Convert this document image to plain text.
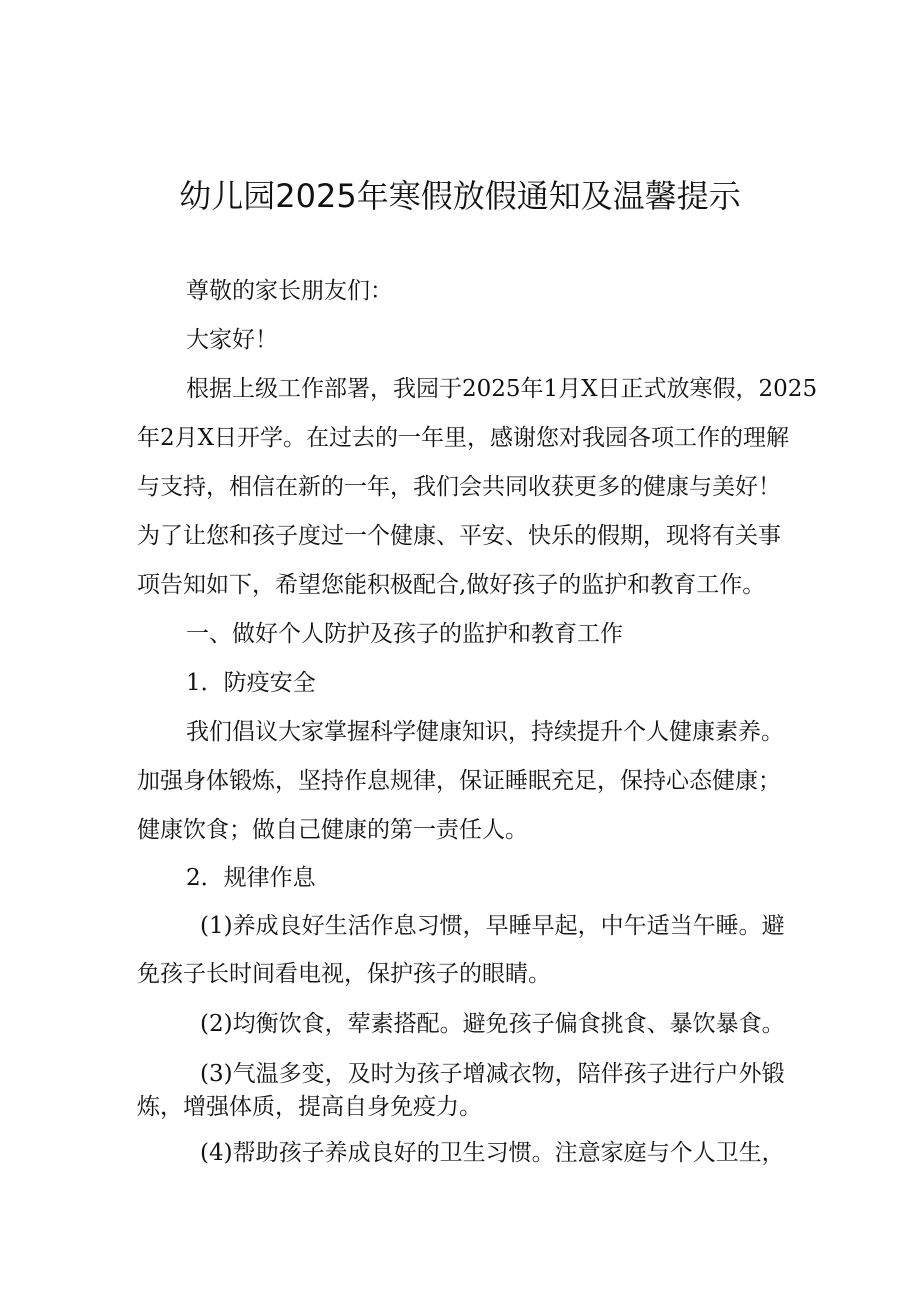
幼儿园2025年寒假放假通知及温馨提示

尊敬的家长朋友们：

大家好！

根据上级工作部署，我园于2025年1月X日正式放寒假，2025

年2月X日开学。在过去的一年里，感谢您对我园各项工作的理解

与支持，相信在新的一年，我们会共同收获更多的健康与美好！

为了让您和孩子度过一个健康、平安、快乐的假期，现将有关事

项告知如下，希望您能积极配合,做好孩子的监护和教育工作。

一、做好个人防护及孩子的监护和教育工作

1．防疫安全

我们倡议大家掌握科学健康知识，持续提升个人健康素养。

加强身体锻炼，坚持作息规律，保证睡眠充足，保持心态健康；

健康饮食；做自己健康的第一责任人。

2．规律作息

(1)养成良好生活作息习惯，早睡早起，中午适当午睡。避

免孩子长时间看电视，保护孩子的眼睛。

(2)均衡饮食，荤素搭配。避免孩子偏食挑食、暴饮暴食。

(3)气温多变，及时为孩子增减衣物，陪伴孩子进行户外锻

炼，增强体质，提高自身免疫力。

(4)帮助孩子养成良好的卫生习惯。注意家庭与个人卫生，
